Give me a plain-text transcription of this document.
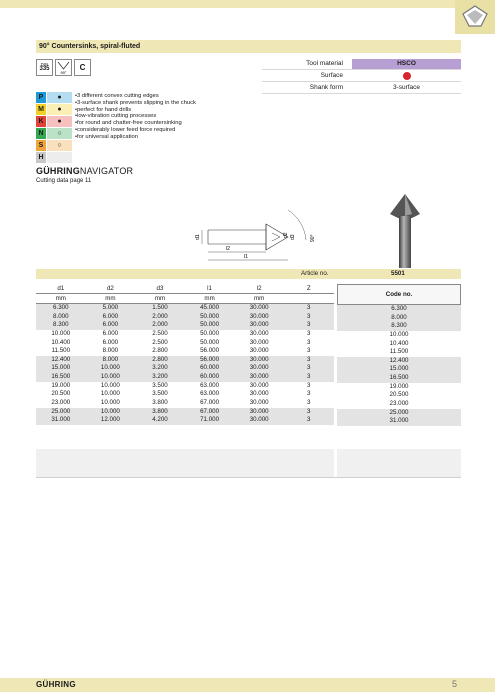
90° Countersinks, spiral-fluted
DIN
335
90°
C	Tool material	HSCO
Surface
Shank form	3-surface
P	●
M	●
K	●
N	○
S	○
H
• 3 different convex cutting edges
• 3-surface shank prevents slipping in the chuck
• perfect for hand drills
• low-vibration cutting processes
• for round and chatter-free countersinking
• considerably lower feed force required
• for universal application
GÜHRINGNAVIGATOR
Cutting data page 11
d1
l2
l1
d2 d3	90°
Article no.	5501
d1	d2	d3	l1	l2	Z
mm	mm	mm	mm	mm
6.300	5.000	1.500	45.000	30.000	3
8.000	6.000	2.000	50.000	30.000	3
8.300	6.000	2.000	50.000	30.000	3
10.000	6.000	2.500	50.000	30.000	3
10.400	6.000	2.500	50.000	30.000	3
11.500	8.000	2.800	56.000	30.000	3
12.400	8.000	2.800	56.000	30.000	3
15.000	10.000	3.200	60.000	30.000	3
16.500	10.000	3.200	60.000	30.000	3
19.000	10.000	3.500	63.000	30.000	3
20.500	10.000	3.500	63.000	30.000	3
23.000	10.000	3.800	67.000	30.000	3
25.000	10.000	3.800	67.000	30.000	3
31.000	12.000	4.200	71.000	30.000	3
Code no.
6.300
8.000
8.300
10.000
10.400
11.500
12.400
15.000
16.500
19.000
20.500
23.000
25.000
31.000
GÜHRING	5
